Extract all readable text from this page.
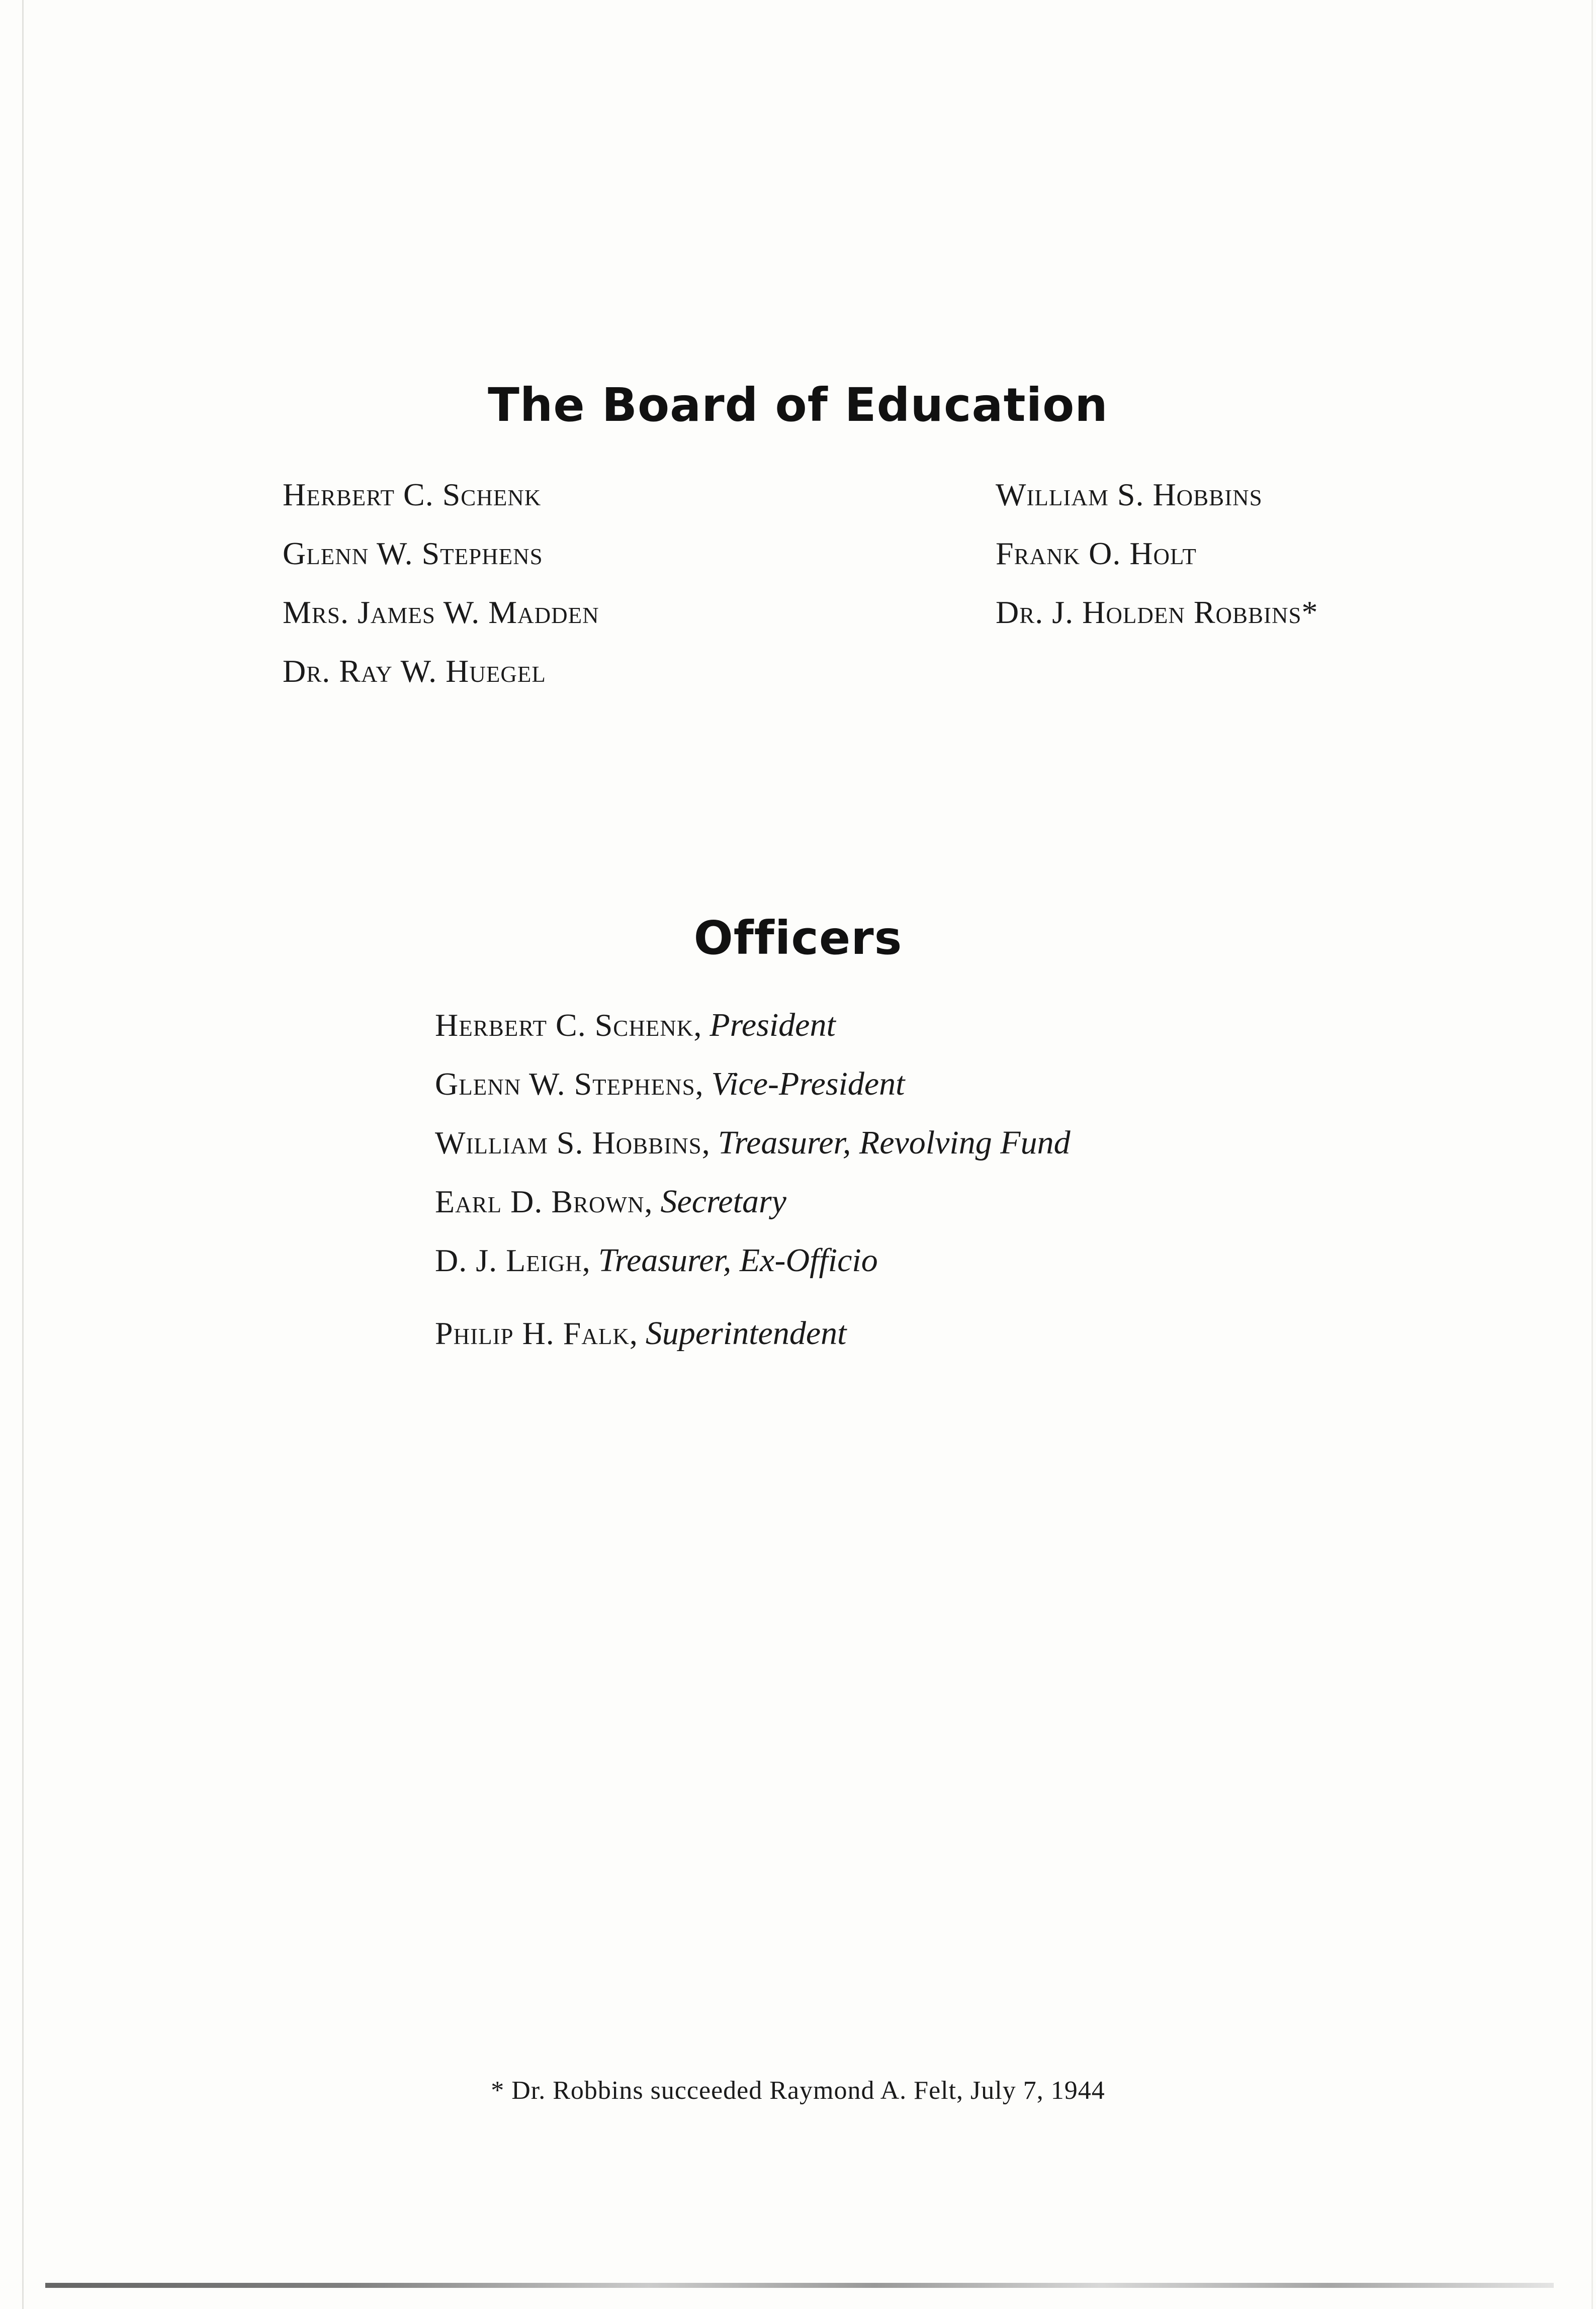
The Board of Education
Herbert C. Schenk
Glenn W. Stephens
Mrs. James W. Madden
Dr. Ray W. Huegel
William S. Hobbins
Frank O. Holt
Dr. J. Holden Robbins*
Officers
Herbert C. Schenk, President
Glenn W. Stephens, Vice-President
William S. Hobbins, Treasurer, Revolving Fund
Earl D. Brown, Secretary
D. J. Leigh, Treasurer, Ex-Officio
Philip H. Falk, Superintendent

* Dr. Robbins succeeded Raymond A. Felt, July 7, 1944
